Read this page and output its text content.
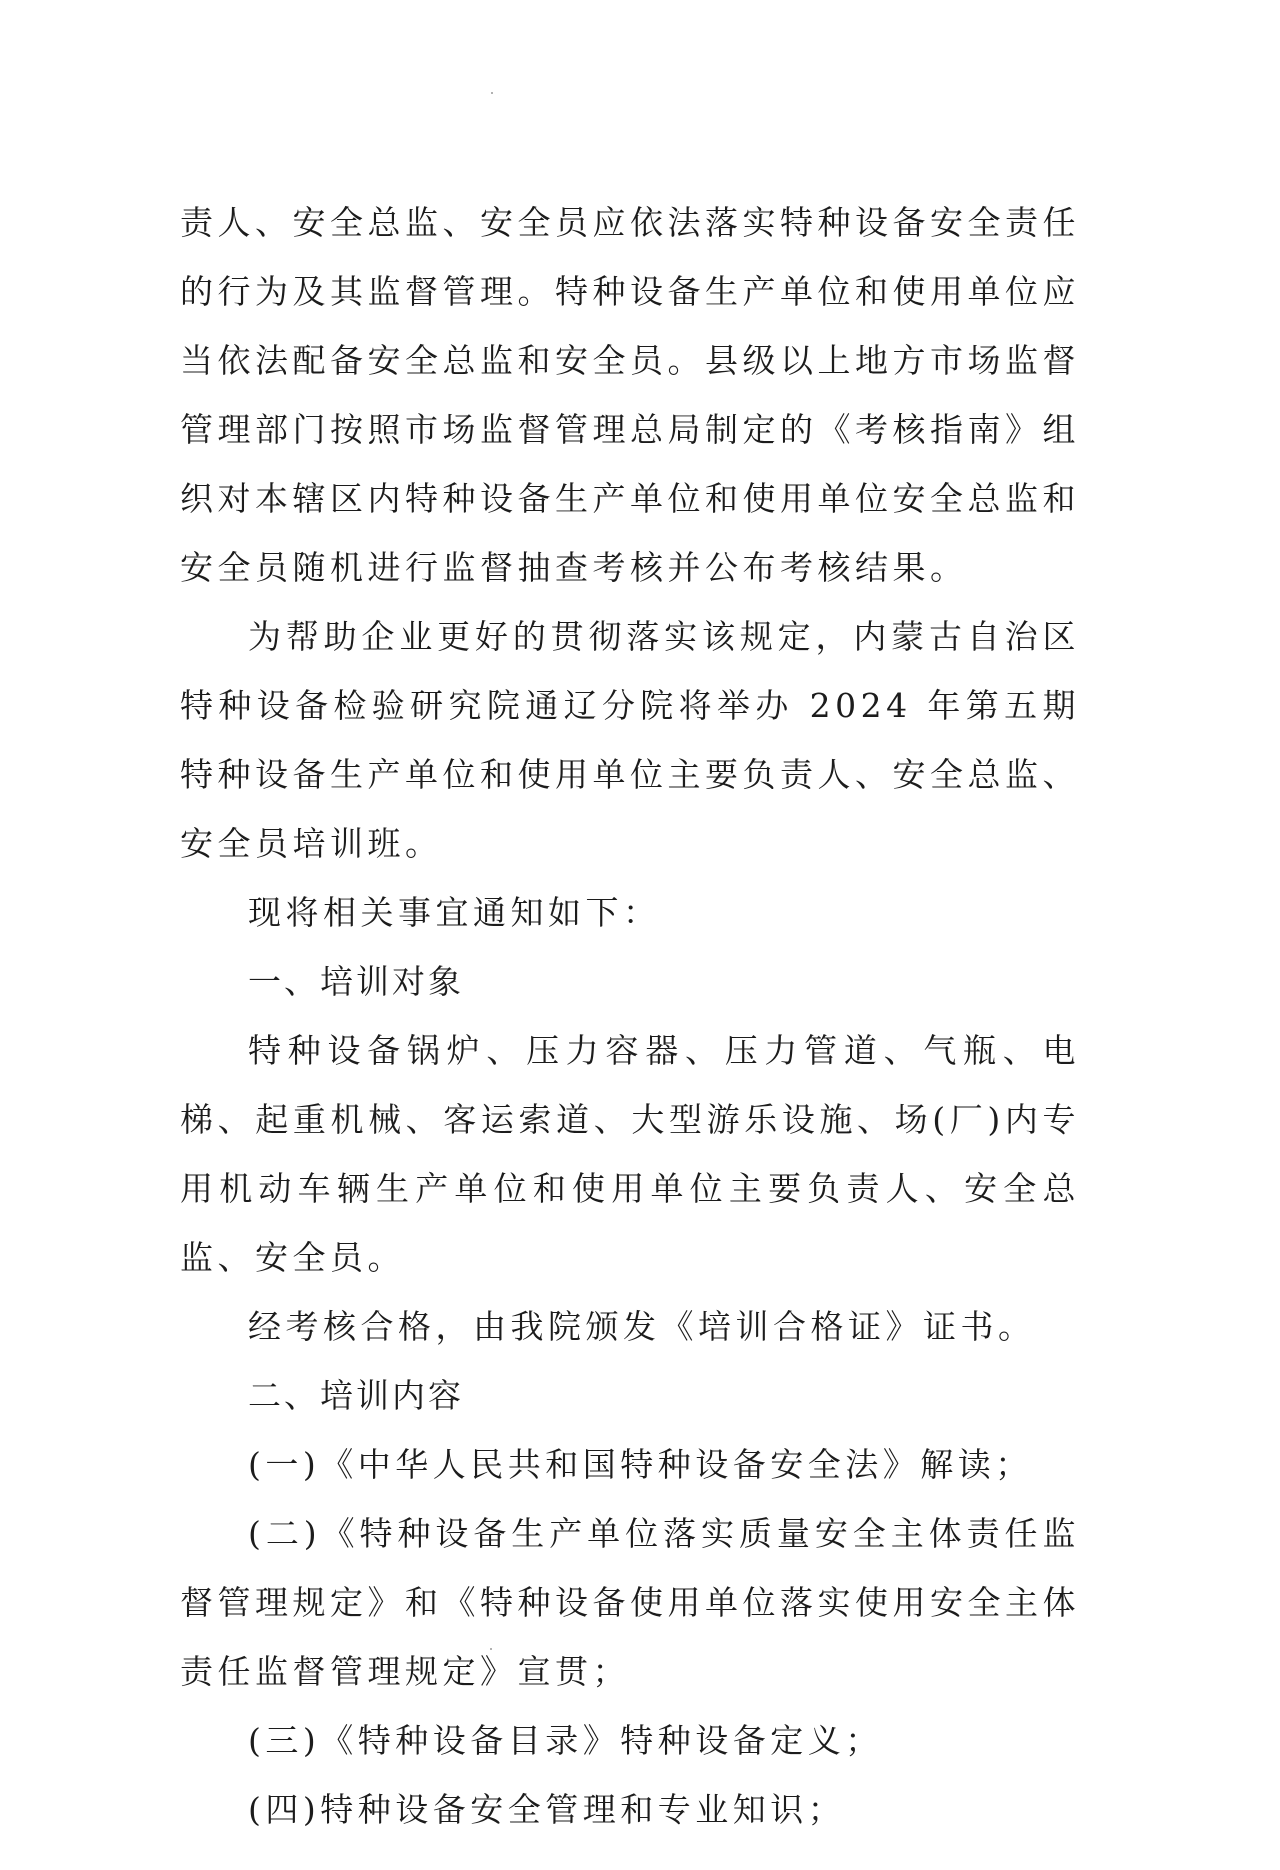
责人、安全总监、安全员应依法落实特种设备安全责任的行为及其监督管理。特种设备生产单位和使用单位应当依法配备安全总监和安全员。县级以上地方市场监督管理部门按照市场监督管理总局制定的《考核指南》组织对本辖区内特种设备生产单位和使用单位安全总监和安全员随机进行监督抽查考核并公布考核结果。

为帮助企业更好的贯彻落实该规定，内蒙古自治区特种设备检验研究院通辽分院将举办 2024 年第五期特种设备生产单位和使用单位主要负责人、安全总监、安全员培训班。

现将相关事宜通知如下：

一、培训对象

特种设备锅炉、压力容器、压力管道、气瓶、电梯、起重机械、客运索道、大型游乐设施、场(厂)内专用机动车辆生产单位和使用单位主要负责人、安全总监、安全员。

经考核合格，由我院颁发《培训合格证》证书。

二、培训内容

(一)《中华人民共和国特种设备安全法》解读；

(二)《特种设备生产单位落实质量安全主体责任监督管理规定》和《特种设备使用单位落实使用安全主体责任监督管理规定》宣贯；

(三)《特种设备目录》特种设备定义；

(四)特种设备安全管理和专业知识；
